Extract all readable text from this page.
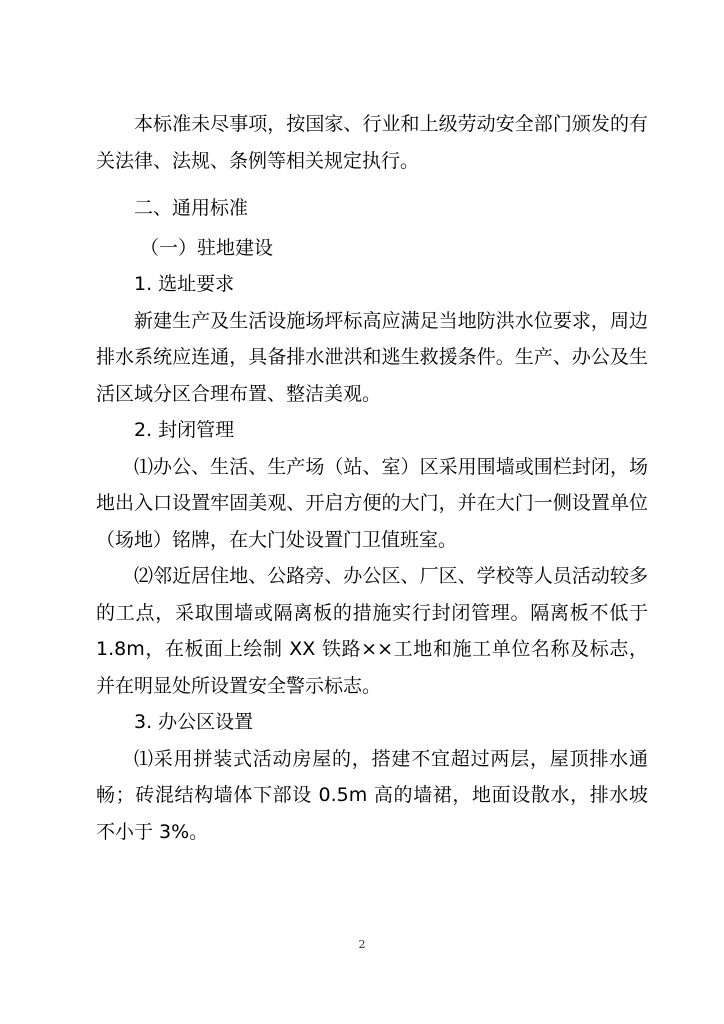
本标准未尽事项，按国家、行业和上级劳动安全部门颁发的有关法律、法规、条例等相关规定执行。

二、通用标准

（一）驻地建设

1. 选址要求

新建生产及生活设施场坪标高应满足当地防洪水位要求，周边排水系统应连通，具备排水泄洪和逃生救援条件。生产、办公及生活区域分区合理布置、整洁美观。

2. 封闭管理

⑴办公、生活、生产场（站、室）区采用围墙或围栏封闭，场地出入口设置牢固美观、开启方便的大门，并在大门一侧设置单位（场地）铭牌，在大门处设置门卫值班室。

⑵邻近居住地、公路旁、办公区、厂区、学校等人员活动较多的工点，采取围墙或隔离板的措施实行封闭管理。隔离板不低于1.8m，在板面上绘制 XX 铁路××工地和施工单位名称及标志，并在明显处所设置安全警示标志。

3. 办公区设置

⑴采用拼装式活动房屋的，搭建不宜超过两层，屋顶排水通畅；砖混结构墙体下部设 0.5m 高的墙裙，地面设散水，排水坡不小于 3%。

2
